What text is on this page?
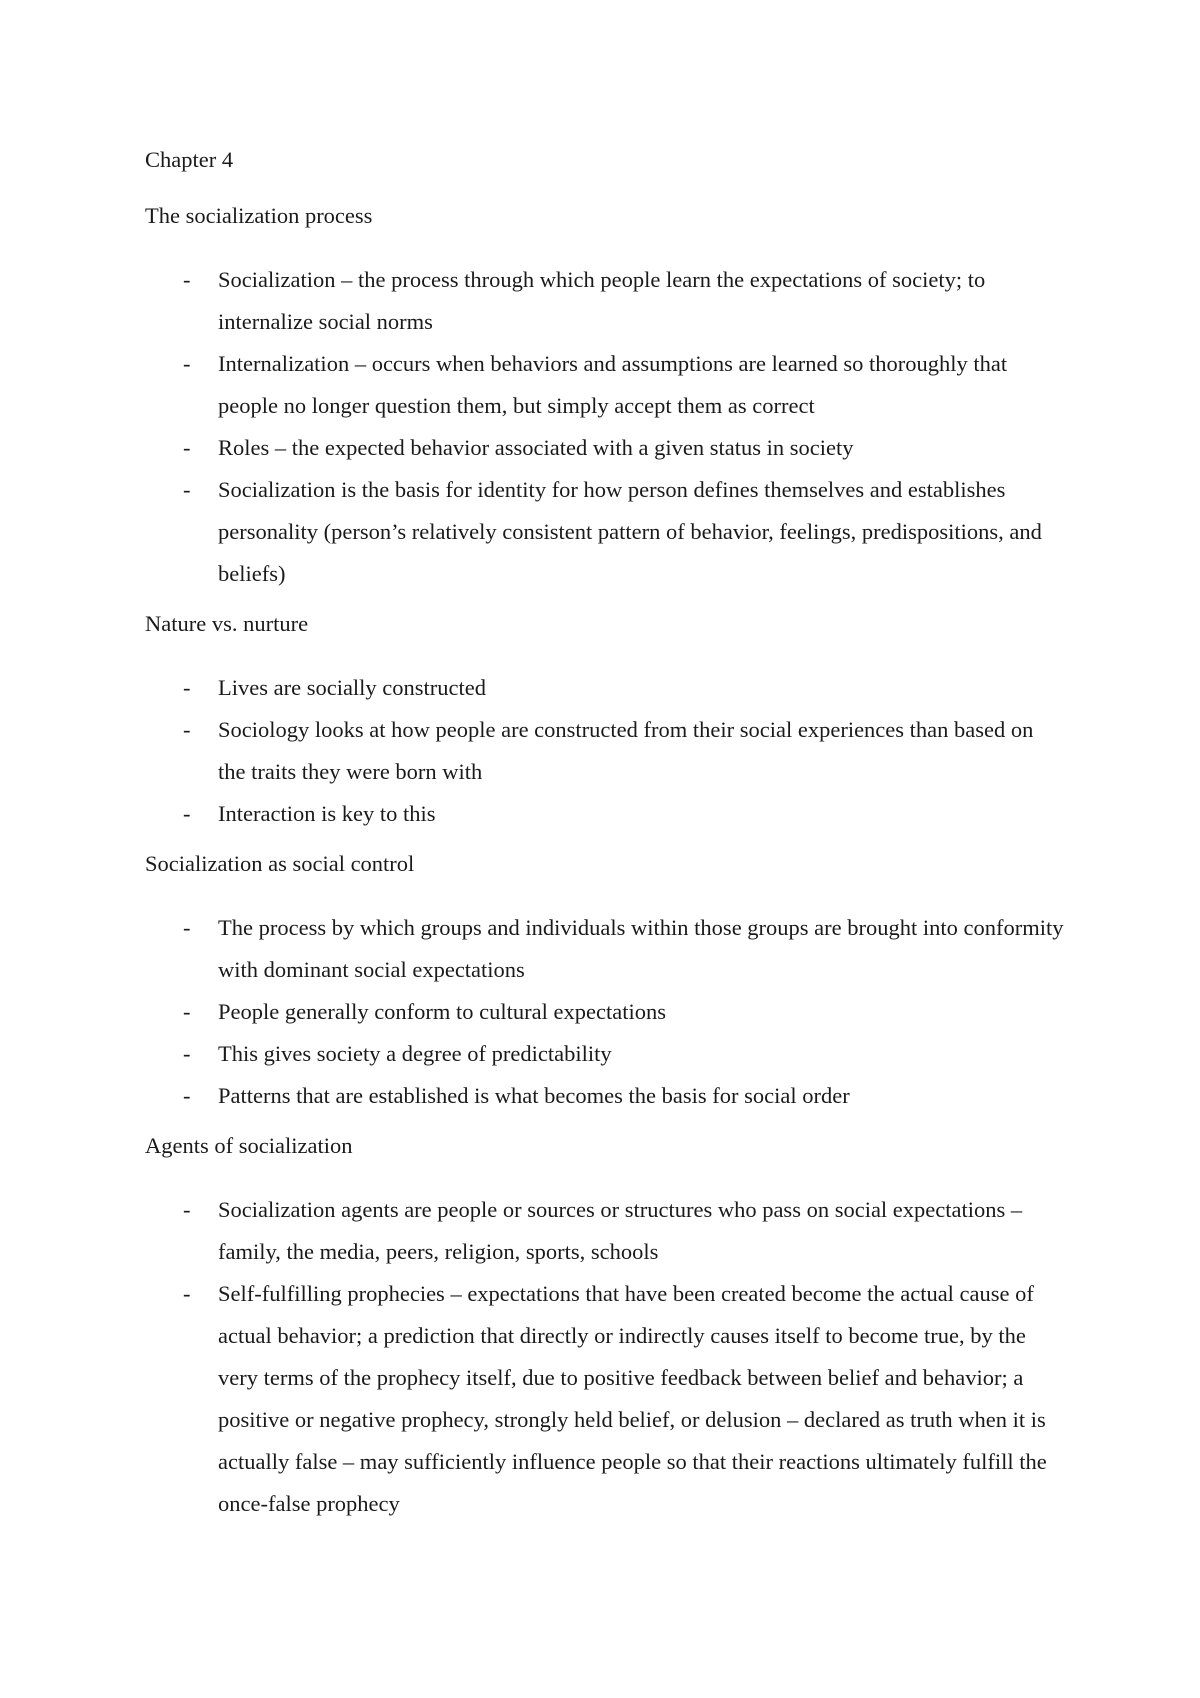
Chapter 4
The socialization process
- Socialization – the process through which people learn the expectations of society; to internalize social norms
- Internalization – occurs when behaviors and assumptions are learned so thoroughly that people no longer question them, but simply accept them as correct
- Roles – the expected behavior associated with a given status in society
- Socialization is the basis for identity for how person defines themselves and establishes personality (person’s relatively consistent pattern of behavior, feelings, predispositions, and beliefs)
Nature vs. nurture
- Lives are socially constructed
- Sociology looks at how people are constructed from their social experiences than based on the traits they were born with
- Interaction is key to this
Socialization as social control
- The process by which groups and individuals within those groups are brought into conformity with dominant social expectations
- People generally conform to cultural expectations
- This gives society a degree of predictability
- Patterns that are established is what becomes the basis for social order
Agents of socialization
- Socialization agents are people or sources or structures who pass on social expectations – family, the media, peers, religion, sports, schools
- Self-fulfilling prophecies – expectations that have been created become the actual cause of actual behavior; a prediction that directly or indirectly causes itself to become true, by the very terms of the prophecy itself, due to positive feedback between belief and behavior; a positive or negative prophecy, strongly held belief, or delusion – declared as truth when it is actually false – may sufficiently influence people so that their reactions ultimately fulfill the once-false prophecy
